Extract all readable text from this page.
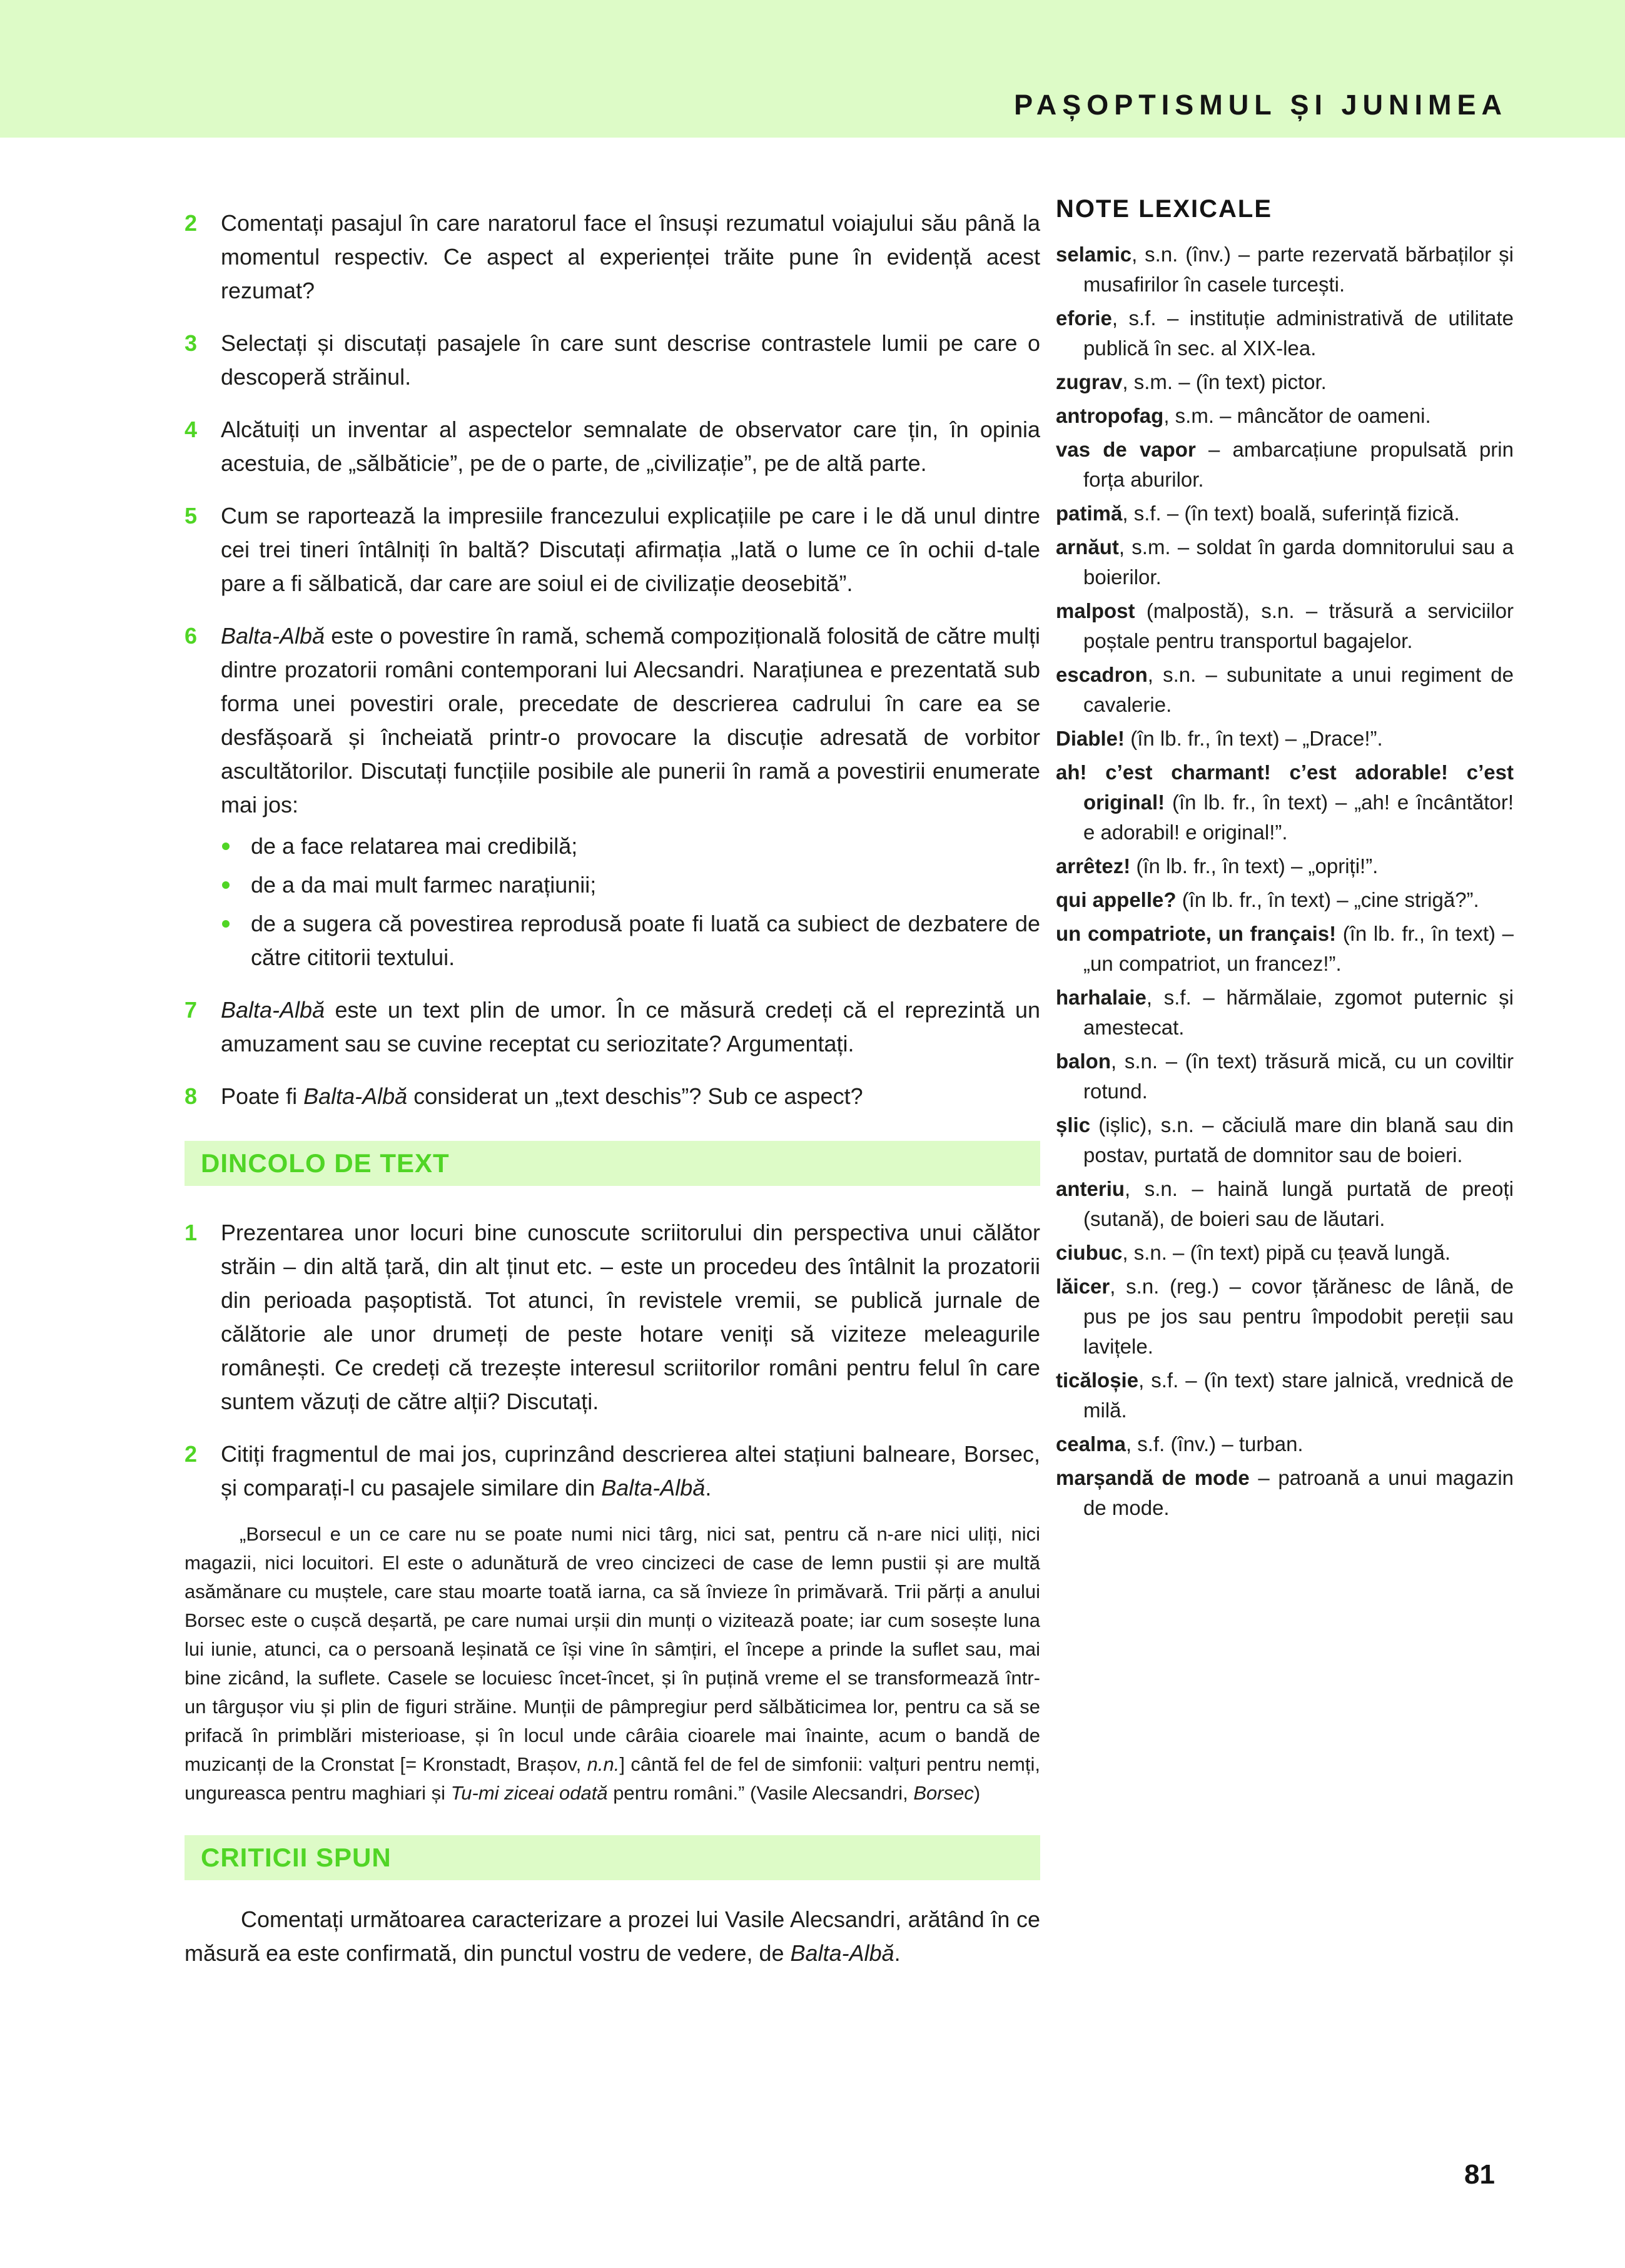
PAȘOPTISMUL ȘI JUNIMEA
2 Comentați pasajul în care naratorul face el însuși rezumatul voiajului său până la momentul respectiv. Ce aspect al experienței trăite pune în evidență acest rezumat?
3 Selectați și discutați pasajele în care sunt descrise contrastele lumii pe care o descoperă străinul.
4 Alcătuiți un inventar al aspectelor semnalate de observator care țin, în opinia acestuia, de „sălbăticie”, pe de o parte, de „civilizație”, pe de altă parte.
5 Cum se raportează la impresiile francezului explicațiile pe care i le dă unul dintre cei trei tineri întâlniți în baltă? Discutați afirmația „Iată o lume ce în ochii d-tale pare a fi sălbatică, dar care are soiul ei de civilizație deosebită”.
6 Balta-Albă este o povestire în ramă, schemă compozițională folosită de către mulți dintre prozatorii români contemporani lui Alecsandri. Narațiunea e prezentată sub forma unei povestiri orale, precedate de descrierea cadrului în care ea se desfășoară și încheiată printr-o provocare la discuție adresată de vorbitor ascultătorilor. Discutați funcțiile posibile ale punerii în ramă a povestirii enumerate mai jos:
de a face relatarea mai credibilă;
de a da mai mult farmec narațiunii;
de a sugera că povestirea reprodusă poate fi luată ca subiect de dezbatere de către cititorii textului.
7 Balta-Albă este un text plin de umor. În ce măsură credeți că el reprezintă un amuzament sau se cuvine receptat cu seriozitate? Argumentați.
8 Poate fi Balta-Albă considerat un „text deschis”? Sub ce aspect?
DINCOLO DE TEXT
1 Prezentarea unor locuri bine cunoscute scriitorului din perspectiva unui călător străin – din altă țară, din alt ținut etc. – este un procedeu des întâlnit la prozatorii din perioada pașoptistă. Tot atunci, în revistele vremii, se publică jurnale de călătorie ale unor drumeți de peste hotare veniți să viziteze meleagurile românești. Ce credeți că trezește interesul scriitorilor români pentru felul în care suntem văzuți de către alții? Discutați.
2 Citiți fragmentul de mai jos, cuprinzând descrierea altei stațiuni balneare, Borsec, și comparați-l cu pasajele similare din Balta-Albă.

„Borsecul e un ce care nu se poate numi nici târg, nici sat, pentru că n-are nici uliți, nici magazii, nici locuitori. El este o adunătură de vreo cincizeci de case de lemn pustii și are multă asămănare cu muștele, care stau moarte toată iarna, ca să învieze în primăvară. Trii părți a anului Borsec este o cușcă deșartă, pe care numai urșii din munți o vizitează poate; iar cum sosește luna lui iunie, atunci, ca o persoană leșinată ce își vine în sâmțiri, el începe a prinde la suflet sau, mai bine zicând, la suflete. Casele se locuiesc încet-încet, și în puțină vreme el se transformează într-un târgușor viu și plin de figuri străine. Munții de pâmpregiur perd sălbăticimea lor, pentru ca să se prifacă în primblări misterioase, și în locul unde cârâia cioarele mai înainte, acum o bandă de muzicanți de la Cronstat [= Kronstadt, Brașov, n.n.] cântă fel de fel de simfonii: valțuri pentru nemți, ungureasca pentru maghiari și Tu-mi ziceai odată pentru români.” (Vasile Alecsandri, Borsec)

CRITICII SPUN

Comentați următoarea caracterizare a prozei lui Vasile Alecsandri, arătând în ce măsură ea este confirmată, din punctul vostru de vedere, de Balta-Albă.

NOTE LEXICALE
selamic, s.n. (înv.) – parte rezervată bărbaților și musafirilor în casele turcești.
eforie, s.f. – instituție administrativă de utilitate publică în sec. al XIX-lea.
zugrav, s.m. – (în text) pictor.
antropofag, s.m. – mâncător de oameni.
vas de vapor – ambarcațiune propulsată prin forța aburilor.
patimă, s.f. – (în text) boală, suferință fizică.
arnăut, s.m. – soldat în garda domnitorului sau a boierilor.
malpost (malpostă), s.n. – trăsură a serviciilor poștale pentru transportul bagajelor.
escadron, s.n. – subunitate a unui regiment de cavalerie.
Diable! (în lb. fr., în text) – „Drace!”.
ah! c’est charmant! c’est adorable! c’est original! (în lb. fr., în text) – „ah! e încântător! e adorabil! e original!”.
arrêtez! (în lb. fr., în text) – „opriți!”.
qui appelle? (în lb. fr., în text) – „cine strigă?”.
un compatriote, un français! (în lb. fr., în text) – „un compatriot, un francez!”.
harhalaie, s.f. – hărmălaie, zgomot puternic și amestecat.
balon, s.n. – (în text) trăsură mică, cu un coviltir rotund.
șlic (ișlic), s.n. – căciulă mare din blană sau din postav, purtată de domnitor sau de boieri.
anteriu, s.n. – haină lungă purtată de preoți (sutană), de boieri sau de lăutari.
ciubuc, s.n. – (în text) pipă cu țeavă lungă.
lăicer, s.n. (reg.) – covor țărănesc de lână, de pus pe jos sau pentru împodobit pereții sau lavițele.
ticăloșie, s.f. – (în text) stare jalnică, vrednică de milă.
cealma, s.f. (înv.) – turban.
marșandă de mode – patroană a unui magazin de mode.
81
